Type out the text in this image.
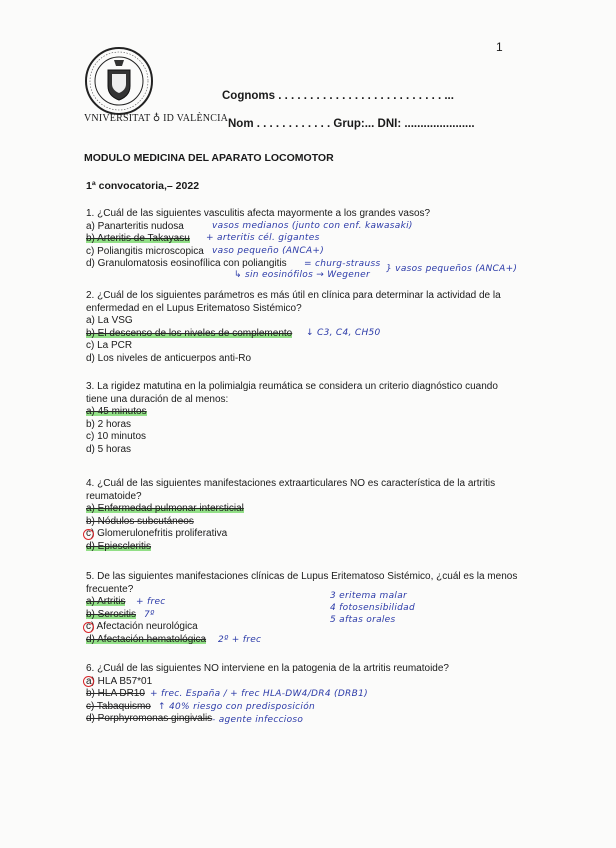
1
VNIVERSITAT ♁ ID VALÈNCIA
Cognoms . . . . . . . . . . . . . . . . . . . . . . . . . . ...
Nom . . . . . . . . . . . . Grup:... DNI: ......................
MODULO MEDICINA DEL APARATO LOCOMOTOR
1ª convocatoria,– 2022
1. ¿Cuál de las siguientes vasculitis afecta mayormente a los grandes vasos?
a) Panarteritis nudosa
b) Arteritis de Takayasu
c) Poliangitis microscopica
d) Granulomatosis eosinofílica con poliangitis
vasos medianos (junto con enf. kawasaki)
+ arteritis cél. gigantes
vaso pequeño (ANCA+)
= churg-strauss
↳ sin eosinófilos → Wegener
} vasos pequeños (ANCA+)
2. ¿Cuál de los siguientes parámetros es más útil en clínica para determinar la actividad de la
enfermedad en el Lupus Eritematoso Sistémico?
a) La VSG
b) El descenso de los niveles de complemento
c) La PCR
d) Los niveles de anticuerpos anti-Ro
↓ C3, C4, CH50
3. La rigidez matutina en la polimialgia reumática se considera un criterio diagnóstico cuando
tiene una duración de al menos:
a) 45 minutos
b) 2 horas
c) 10 minutos
d) 5 horas
4. ¿Cuál de las siguientes manifestaciones extraarticulares NO es característica de la artritis
reumatoide?
a) Enfermedad pulmonar intersticial
b) Nódulos subcutáneos
c) Glomerulonefritis proliferativa
d) Epiescleritis
5. De las siguientes manifestaciones clínicas de Lupus Eritematoso Sistémico, ¿cuál es la menos
frecuente?
a) Artritis
b) Serositis
c) Afectación neurológica
d) Afectación hematológica
+ frec
7º
2º + frec
3 eritema malar
4 fotosensibilidad
5 aftas orales
6. ¿Cuál de las siguientes NO interviene en la patogenia de la artritis reumatoide?
a) HLA B57*01
b) HLA DR10
c) Tabaquismo
d) Porphyromonas gingivalis
+ frec. España / + frec HLA-DW4/DR4 (DRB1)
↑ 40% riesgo con predisposición
- agente infeccioso
